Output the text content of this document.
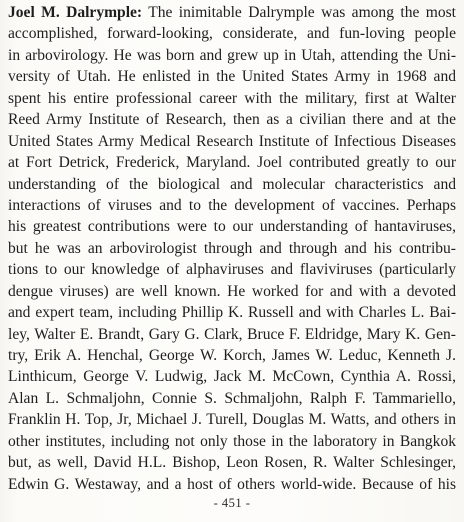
Joel M. Dalrymple: The inimitable Dalrymple was among the most
accomplished, forward-looking, considerate, and fun-loving people
in arbovirology. He was born and grew up in Utah, attending the Uni-
versity of Utah. He enlisted in the United States Army in 1968 and
spent his entire professional career with the military, first at Walter
Reed Army Institute of Research, then as a civilian there and at the
United States Army Medical Research Institute of Infectious Diseases
at Fort Detrick, Frederick, Maryland. Joel contributed greatly to our
understanding of the biological and molecular characteristics and
interactions of viruses and to the development of vaccines. Perhaps
his greatest contributions were to our understanding of hantaviruses,
but he was an arbovirologist through and through and his contribu-
tions to our knowledge of alphaviruses and flaviviruses (particularly
dengue viruses) are well known. He worked for and with a devoted
and expert team, including Phillip K. Russell and with Charles L. Bai-
ley, Walter E. Brandt, Gary G. Clark, Bruce F. Eldridge, Mary K. Gen-
try, Erik A. Henchal, George W. Korch, James W. Leduc, Kenneth J.
Linthicum, George V. Ludwig, Jack M. McCown, Cynthia A. Rossi,
Alan L. Schmaljohn, Connie S. Schmaljohn, Ralph F. Tammariello,
Franklin H. Top, Jr, Michael J. Turell, Douglas M. Watts, and others in
other institutes, including not only those in the laboratory in Bangkok
but, as well, David H.L. Bishop, Leon Rosen, R. Walter Schlesinger,
Edwin G. Westaway, and a host of others world-wide. Because of his
- 451 -
